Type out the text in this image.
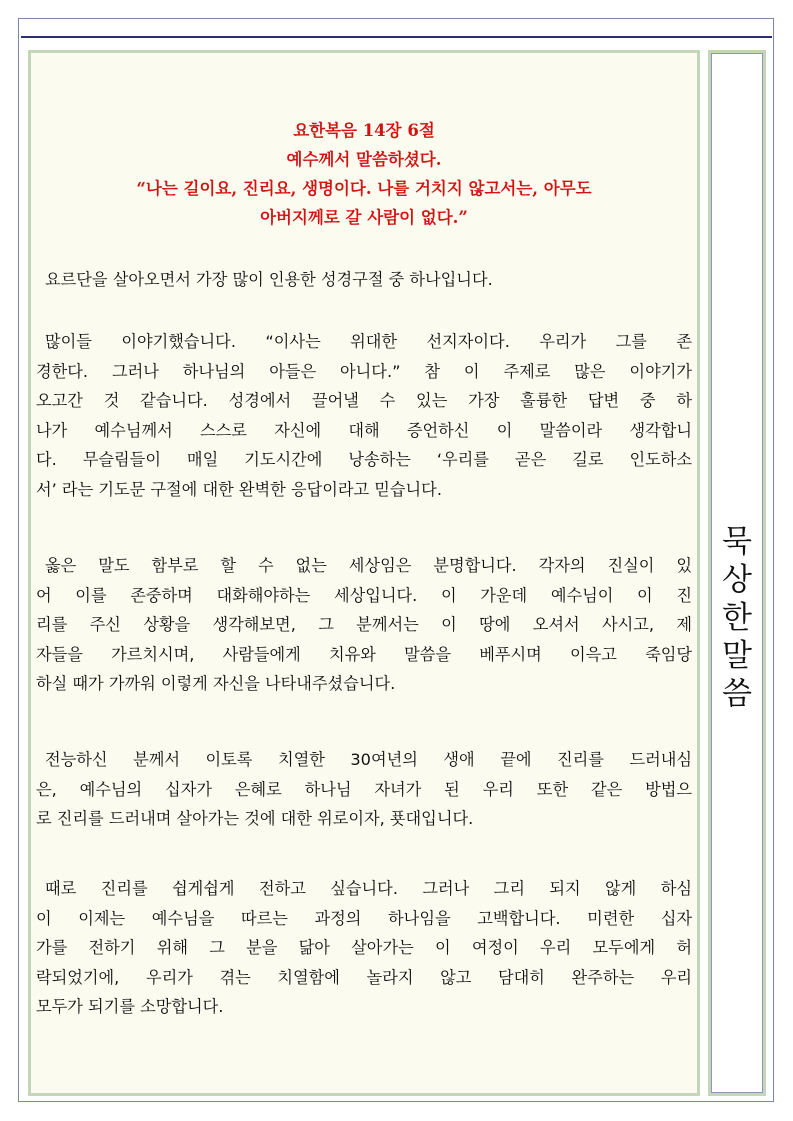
묵
상
한
말
씀
요한복음 14장 6절
예수께서 말씀하셨다.
“나는 길이요, 진리요, 생명이다. 나를 거치지 않고서는, 아무도
아버지께로 갈 사람이 없다.”
요르단을 살아오면서 가장 많이 인용한 성경구절 중 하나입니다.
많이들 이야기했습니다. “이사는 위대한 선지자이다. 우리가 그를 존
경한다. 그러나 하나님의 아들은 아니다.” 참 이 주제로 많은 이야기가
오고간 것 같습니다. 성경에서 끌어낼 수 있는 가장 훌륭한 답변 중 하
나가 예수님께서 스스로 자신에 대해 증언하신 이 말씀이라 생각합니
다. 무슬림들이 매일 기도시간에 낭송하는 ‘우리를 곧은 길로 인도하소
서’ 라는 기도문 구절에 대한 완벽한 응답이라고 믿습니다.
옳은 말도 함부로 할 수 없는 세상임은 분명합니다. 각자의 진실이 있
어 이를 존중하며 대화해야하는 세상입니다. 이 가운데 예수님이 이 진
리를 주신 상황을 생각해보면, 그 분께서는 이 땅에 오셔서 사시고, 제
자들을 가르치시며, 사람들에게 치유와 말씀을 베푸시며 이윽고 죽임당
하실 때가 가까워 이렇게 자신을 나타내주셨습니다.
전능하신 분께서 이토록 치열한 30여년의 생애 끝에 진리를 드러내심
은, 예수님의 십자가 은혜로 하나님 자녀가 된 우리 또한 같은 방법으
로 진리를 드러내며 살아가는 것에 대한 위로이자, 푯대입니다.
때로 진리를 쉽게쉽게 전하고 싶습니다. 그러나 그리 되지 않게 하심
이 이제는 예수님을 따르는 과정의 하나임을 고백합니다. 미련한 십자
가를 전하기 위해 그 분을 닮아 살아가는 이 여정이 우리 모두에게 허
락되었기에, 우리가 겪는 치열함에 놀라지 않고 담대히 완주하는 우리
모두가 되기를 소망합니다.
